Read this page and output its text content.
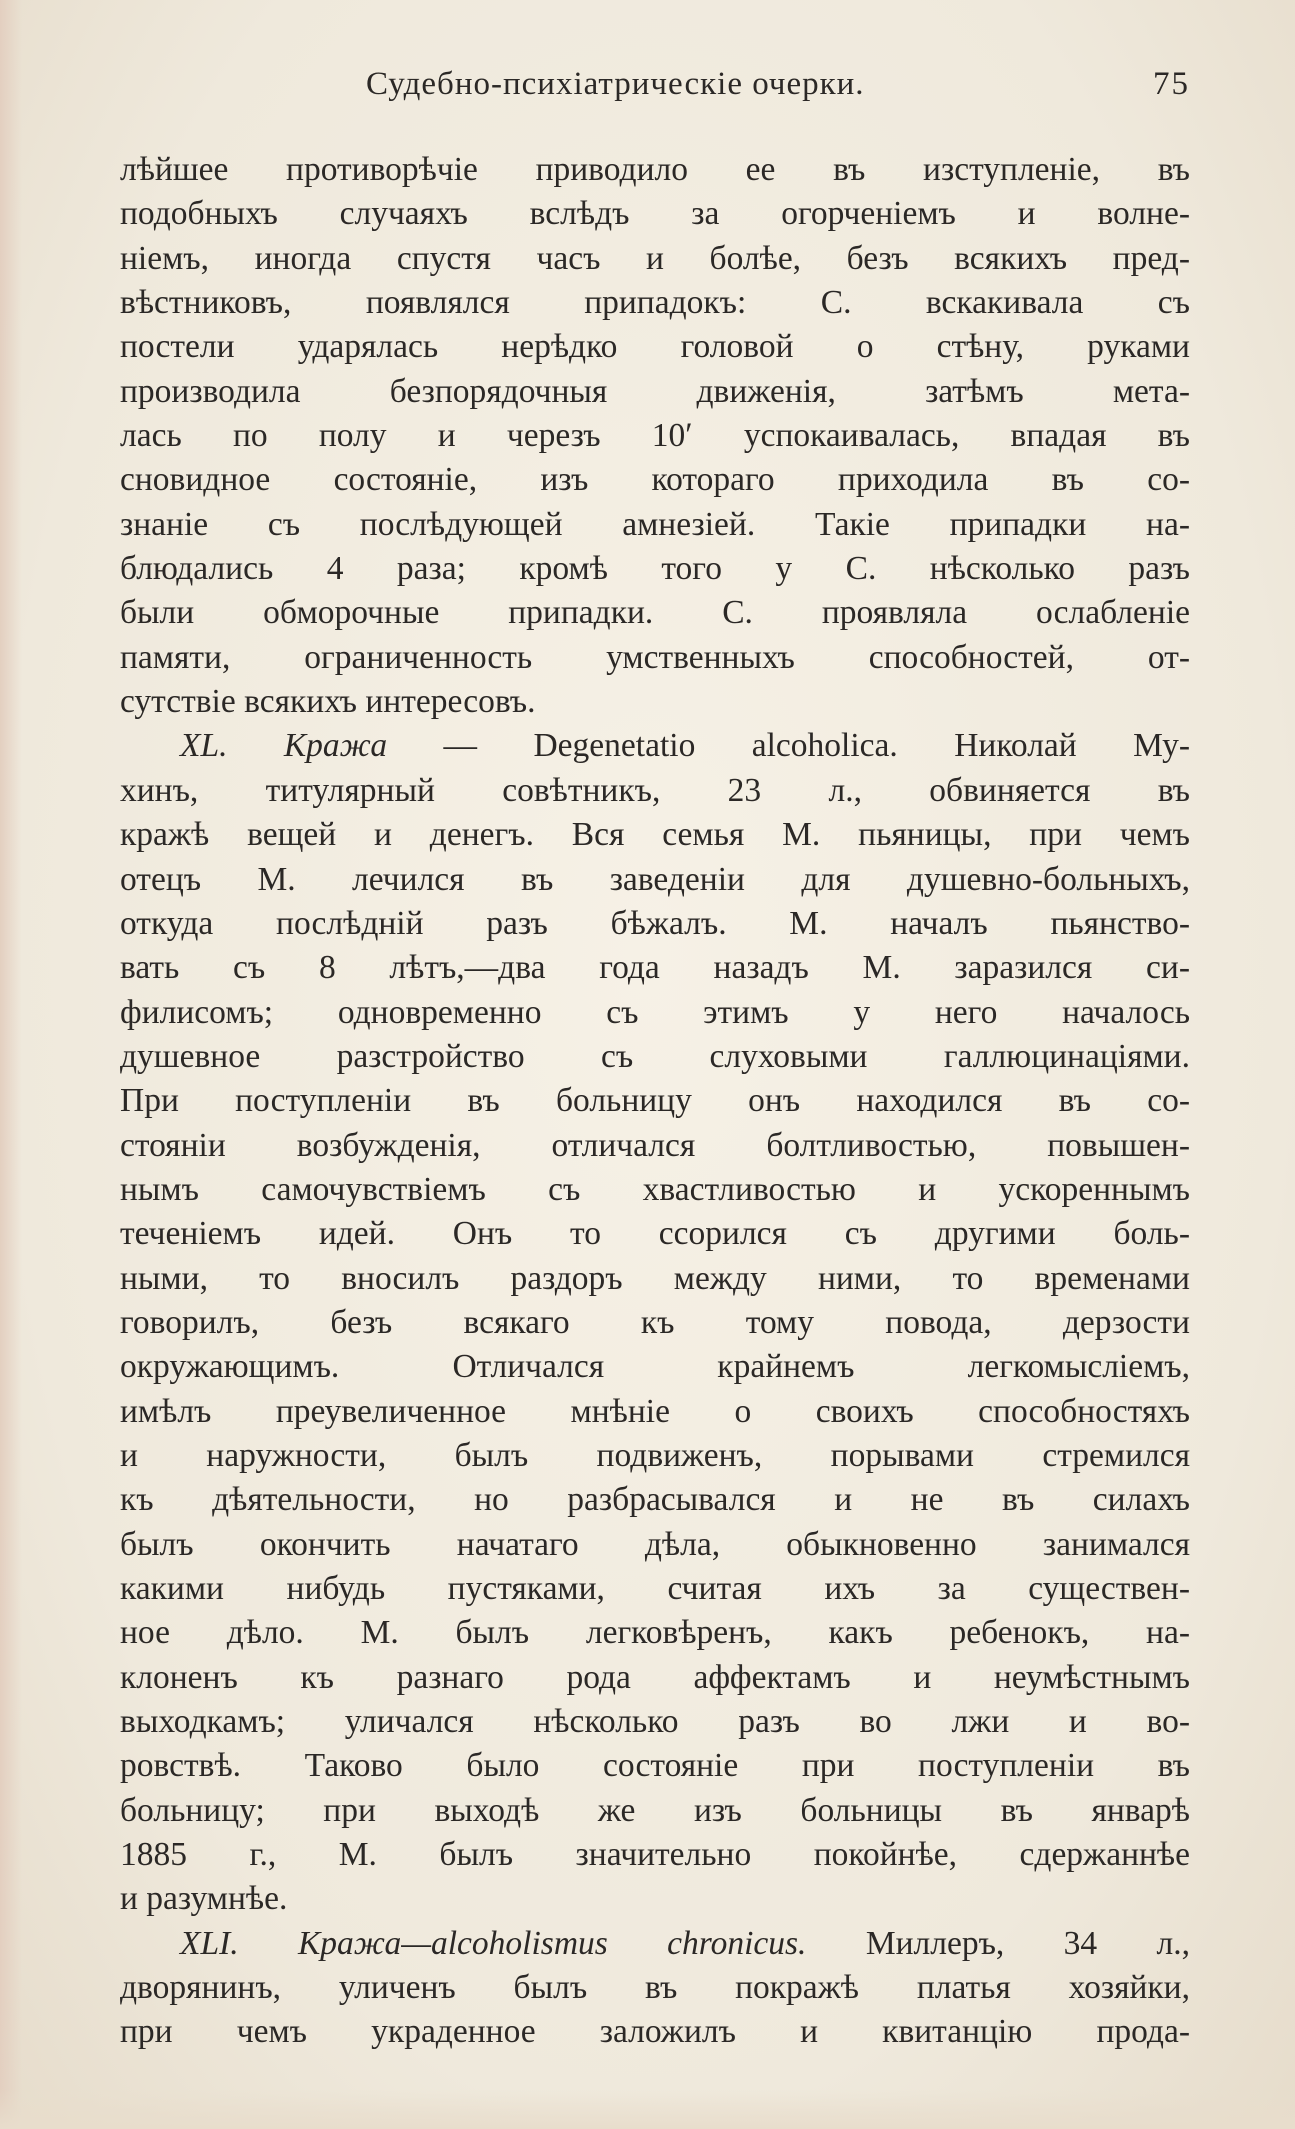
Судебно-психіатрическіе очерки.	75
лѣйшее противорѣчіе приводило ее въ изступленіе, въ
подобныхъ случаяхъ вслѣдъ за огорченіемъ и волне-
ніемъ, иногда спустя часъ и болѣе, безъ всякихъ пред-
вѣстниковъ, появлялся припадокъ: С. вскакивала съ
постели ударялась нерѣдко головой о стѣну, руками
производила безпорядочныя движенія, затѣмъ мета-
лась по полу и черезъ 10ʹ успокаивалась, впадая въ
сновидное состояніе, изъ котораго приходила въ со-
знаніе съ послѣдующей амнезіей. Такіе припадки на-
блюдались 4 раза; кромѣ того у С. нѣсколько разъ
были обморочные припадки. С. проявляла ослабленіе
памяти, ограниченность умственныхъ способностей, от-
сутствіе всякихъ интересовъ.
XL. Кража — Degenetatio alcoholica. Николай Му-
хинъ, титулярный совѣтникъ, 23 л., обвиняется въ
кражѣ вещей и денегъ. Вся семья М. пьяницы, при чемъ
отецъ М. лечился въ заведеніи для душевно-больныхъ,
откуда послѣдній разъ бѣжалъ. М. началъ пьянство-
вать съ 8 лѣтъ,—два года назадъ М. заразился си-
филисомъ; одновременно съ этимъ у него началось
душевное разстройство съ слуховыми галлюцинаціями.
При поступленіи въ больницу онъ находился въ со-
стояніи возбужденія, отличался болтливостью, повышен-
нымъ самочувствіемъ съ хвастливостью и ускореннымъ
теченіемъ идей. Онъ то ссорился съ другими боль-
ными, то вносилъ раздоръ между ними, то временами
говорилъ, безъ всякаго къ тому повода, дерзости
окружающимъ. Отличался крайнемъ легкомысліемъ,
имѣлъ преувеличенное мнѣніе о своихъ способностяхъ
и наружности, былъ подвиженъ, порывами стремился
къ дѣятельности, но разбрасывался и не въ силахъ
былъ окончить начатаго дѣла, обыкновенно занимался
какими нибудь пустяками, считая ихъ за существен-
ное дѣло. М. былъ легковѣренъ, какъ ребенокъ, на-
клоненъ къ разнаго рода аффектамъ и неумѣстнымъ
выходкамъ; уличался нѣсколько разъ во лжи и во-
ровствѣ. Таково было состояніе при поступленіи въ
больницу; при выходѣ же изъ больницы въ январѣ
1885 г., М. былъ значительно покойнѣе, сдержаннѣе
и разумнѣе.
XLI. Кража—alcoholismus chronicus. Миллеръ, 34 л.,
дворянинъ, уличенъ былъ въ покражѣ платья хозяйки,
при чемъ украденное заложилъ и квитанцію прода-
